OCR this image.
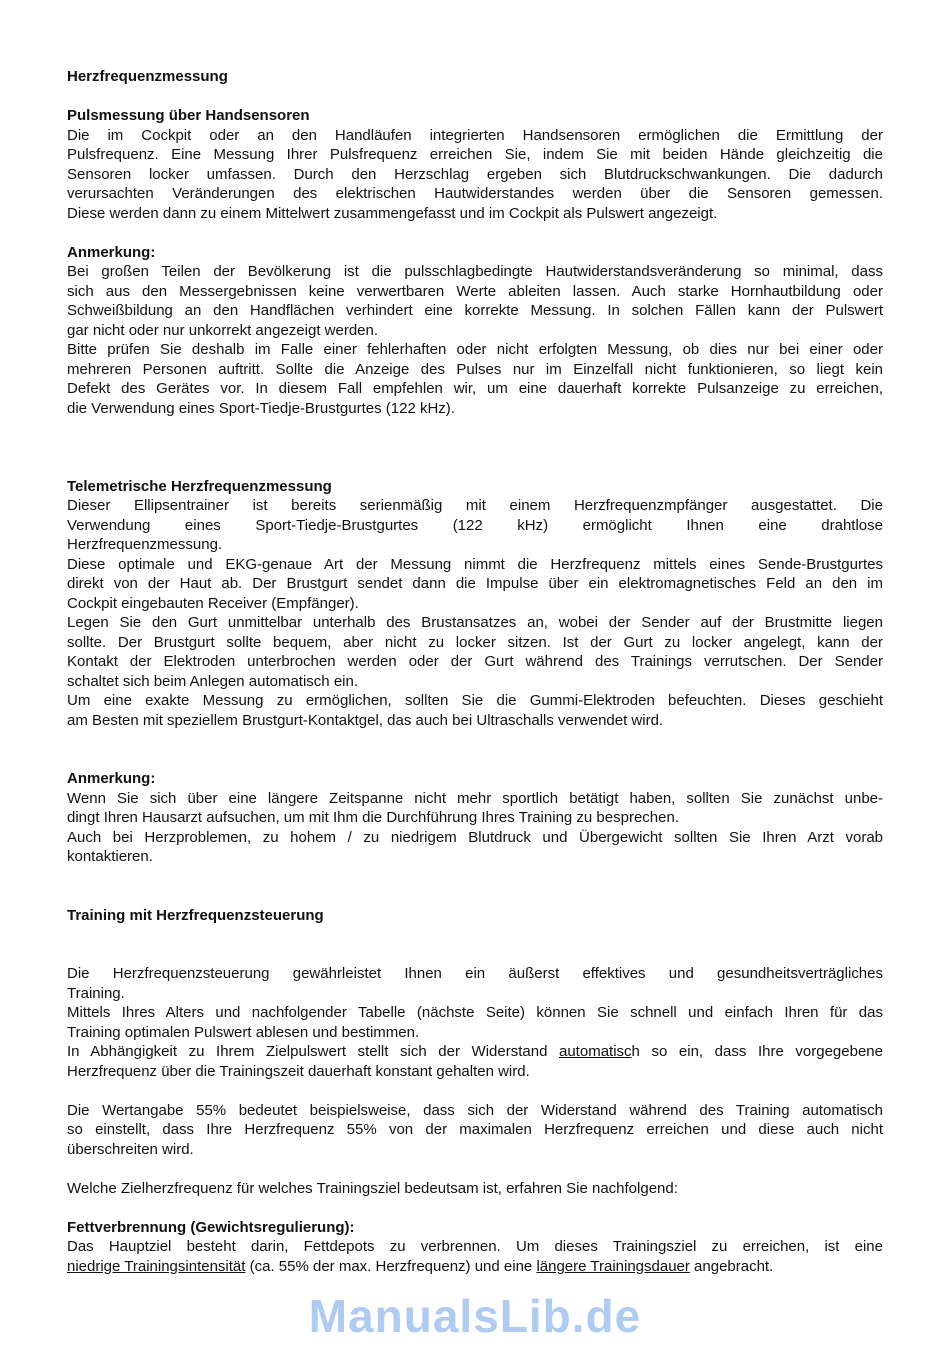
Herzfrequenzmessung
Pulsmessung über Handsensoren
Die im Cockpit oder an den Handläufen integrierten Handsensoren ermöglichen die Ermittlung der
Pulsfrequenz. Eine Messung Ihrer Pulsfrequenz erreichen Sie, indem Sie mit beiden Hände gleichzeitig die
Sensoren locker umfassen. Durch den Herzschlag ergeben sich Blutdruckschwankungen. Die dadurch
verursachten Veränderungen des elektrischen Hautwiderstandes werden über die Sensoren gemessen.
Diese werden dann zu einem Mittelwert zusammengefasst und im Cockpit als Pulswert angezeigt.
Anmerkung:
Bei großen Teilen der Bevölkerung ist die pulsschlagbedingte Hautwiderstandsveränderung so minimal, dass
sich aus den Messergebnissen keine verwertbaren Werte ableiten lassen. Auch starke Hornhautbildung oder
Schweißbildung an den Handflächen verhindert eine korrekte Messung. In solchen Fällen kann der Pulswert
gar nicht oder nur unkorrekt angezeigt werden.
Bitte prüfen Sie deshalb im Falle einer fehlerhaften oder nicht erfolgten Messung, ob dies nur bei einer oder
mehreren Personen auftritt. Sollte die Anzeige des Pulses nur im Einzelfall nicht funktionieren, so liegt kein
Defekt des Gerätes vor. In diesem Fall empfehlen wir, um eine dauerhaft korrekte Pulsanzeige zu erreichen,
die Verwendung eines Sport-Tiedje-Brustgurtes (122 kHz).
Telemetrische Herzfrequenzmessung
Dieser Ellipsentrainer ist bereits serienmäßig mit einem Herzfrequenzmpfänger ausgestattet. Die
Verwendung eines Sport-Tiedje-Brustgurtes (122 kHz) ermöglicht Ihnen eine drahtlose
Herzfrequenzmessung.
Diese optimale und EKG-genaue Art der Messung nimmt die Herzfrequenz mittels eines Sende-Brustgurtes
direkt von der Haut ab. Der Brustgurt sendet dann die Impulse über ein elektromagnetisches Feld an den im
Cockpit eingebauten Receiver (Empfänger).
Legen Sie den Gurt unmittelbar unterhalb des Brustansatzes an, wobei der Sender auf der Brustmitte liegen
sollte. Der Brustgurt sollte bequem, aber nicht zu locker sitzen. Ist der Gurt zu locker angelegt, kann der
Kontakt der Elektroden unterbrochen werden oder der Gurt während des Trainings verrutschen. Der Sender
schaltet sich beim Anlegen automatisch ein.
Um eine exakte Messung zu ermöglichen, sollten Sie die Gummi-Elektroden befeuchten. Dieses geschieht
am Besten mit speziellem Brustgurt-Kontaktgel, das auch bei Ultraschalls verwendet wird.
Anmerkung:
Wenn Sie sich über eine längere Zeitspanne nicht mehr sportlich betätigt haben, sollten Sie zunächst unbe-
dingt Ihren Hausarzt aufsuchen, um mit Ihm die Durchführung Ihres Training zu besprechen.
Auch bei Herzproblemen, zu hohem / zu niedrigem Blutdruck und Übergewicht sollten Sie Ihren Arzt vorab
kontaktieren.
Training mit Herzfrequenzsteuerung
Die Herzfrequenzsteuerung gewährleistet Ihnen ein äußerst effektives und gesundheitsverträgliches
Training.
Mittels Ihres Alters und nachfolgender Tabelle (nächste Seite) können Sie schnell und einfach Ihren für das
Training optimalen Pulswert ablesen und bestimmen.
In Abhängigkeit zu Ihrem Zielpulswert stellt sich der Widerstand automatisch so ein, dass Ihre vorgegebene
Herzfrequenz über die Trainingszeit dauerhaft konstant gehalten wird.
Die Wertangabe 55% bedeutet beispielsweise, dass sich der Widerstand während des Training automatisch
so einstellt, dass Ihre Herzfrequenz 55% von der maximalen Herzfrequenz erreichen und diese auch nicht
überschreiten wird.
Welche Zielherzfrequenz für welches Trainingsziel bedeutsam ist, erfahren Sie nachfolgend:
Fettverbrennung (Gewichtsregulierung):
Das Hauptziel besteht darin, Fettdepots zu verbrennen. Um dieses Trainingsziel zu erreichen, ist eine
niedrige Trainingsintensität (ca. 55% der max. Herzfrequenz) und eine längere Trainingsdauer angebracht.
ManualsLib.de
